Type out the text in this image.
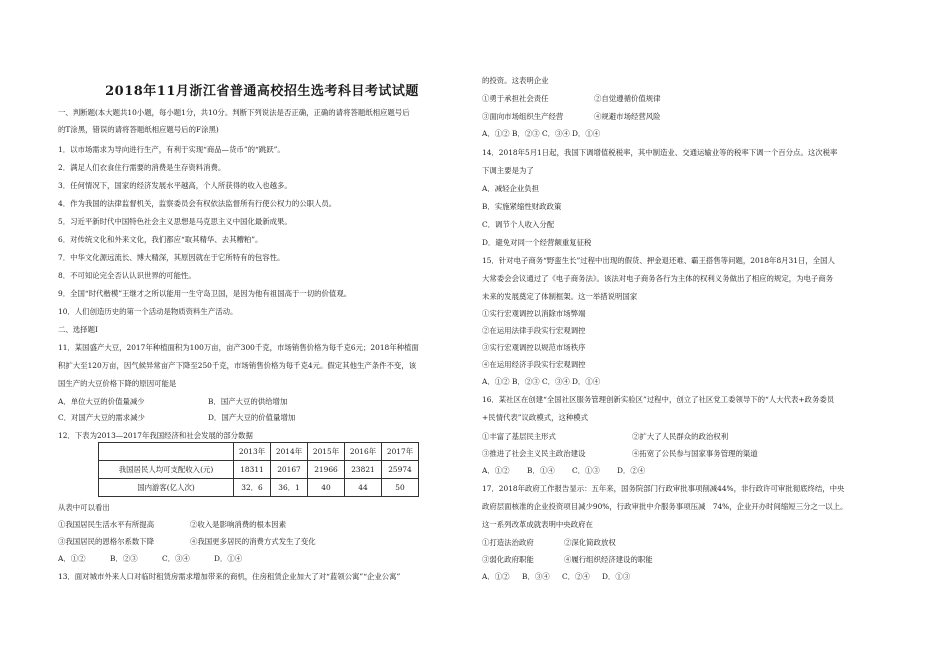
2018年11月浙江省普通高校招生选考科目考试试题
一、判断题(本大题共10小题，每小题1分，共10分。判断下列说法是否正确，正确的请将答题纸相应题号后
的T涂黑，错误的请将答题纸相应题号后的F涂黑)
1．以市场需求为导向进行生产，有利于实现“商品—货币”的“跳跃”。
2．满足人们衣食住行需要的消费是生存资料消费。
3．任何情况下，国家的经济发展水平越高，个人所获得的收入也越多。
4．作为我国的法律监督机关，监察委员会有权依法监督所有行使公权力的公职人员。
5．习近平新时代中国特色社会主义思想是马克思主义中国化最新成果。
6．对传统文化和外来文化，我们都应“取其精华、去其糟粕”。
7．中华文化源远流长、博大精深，其原因就在于它所特有的包容性。
8．不可知论完全否认认识世界的可能性。
9．全国“时代楷模”王继才之所以能用一生守岛卫国，是因为他有祖国高于一切的价值观。
10．人们创造历史的第一个活动是物质资料生产活动。
二、选择题I
11．某国盛产大豆，2017年种植面积为100万亩，亩产300千克，市场销售价格为每千克6元；2018年种植面
积扩大至120万亩，因气候异常亩产下降至250千克，市场销售价格为每千克4元。假定其他生产条件不变，该
国生产的大豆价格下降的原因可能是
A．单位大豆的价值量减少	B．国产大豆的供给增加
C．对国产大豆的需求减少	D．国产大豆的价值量增加
12．下表为2013—2017年我国经济和社会发展的部分数据
	2013年	2014年	2015年	2016年	2017年
我国居民人均可支配收入(元)	18311	20167	21966	23821	25974
国内游客(亿人次)	32．6	36．1	40	44	50
从表中可以看出
①我国居民生活水平有所提高	②收入是影响消费的根本因素
③我国居民的恩格尔系数下降	④我国更多居民的消费方式发生了变化
A．①②	B．②③	C．③④	D．①④
13．面对城市外来人口对临时租赁房需求增加带来的商机，住房租赁企业加大了对“蓝领公寓”“企业公寓”
的投资。这表明企业
①勇于承担社会责任	②自觉遵循价值规律
③面向市场组织生产经营	④规避市场经营风险
A．①② B．②③ C．③④ D．①④
14．2018年5月1日起，我国下调增值税税率，其中制造业、交通运输业等的税率下调一个百分点。这次税率
下调主要是为了
A．减轻企业负担
B．实施紧缩性财政政策
C．调节个人收入分配
D．避免对同一个经营额重复征税
15．针对电子商务“野蛮生长”过程中出现的假货、押金退还难、霸王搭售等问题，2018年8月31日，全国人
大常委会会议通过了《电子商务法》。该法对电子商务各行为主体的权利义务做出了相应的规定，为电子商务
未来的发展奠定了体制框架。这一举措说明国家
①实行宏观调控以消除市场弊端
②在运用法律手段实行宏观调控
③实行宏观调控以规范市场秩序
④在运用经济手段实行宏观调控
A．①② B．②③ C．③④ D．①④
16．某社区在创建“全国社区服务管理创新实验区”过程中，创立了社区党工委领导下的“人大代表+政务委员
+民情代表”议政模式，这种模式
①丰富了基层民主形式	②扩大了人民群众的政治权利
③推进了社会主义民主政治建设	④拓宽了公民参与国家事务管理的渠道
A．①② B．①④ C．①③ D．②④
17．2018年政府工作报告显示：五年来，国务院部门行政审批事项削减44%，非行政许可审批彻底终结，中央
政府层面核准的企业投资项目减少90%，行政审批中介服务事项压减　74%，企业开办时间缩短三分之一以上。
这一系列改革成就表明中央政府在
①打造法治政府	②深化简政放权
③弱化政府职能	④履行组织经济建设的职能
A．①② B．③④ C．②④ D．①③
